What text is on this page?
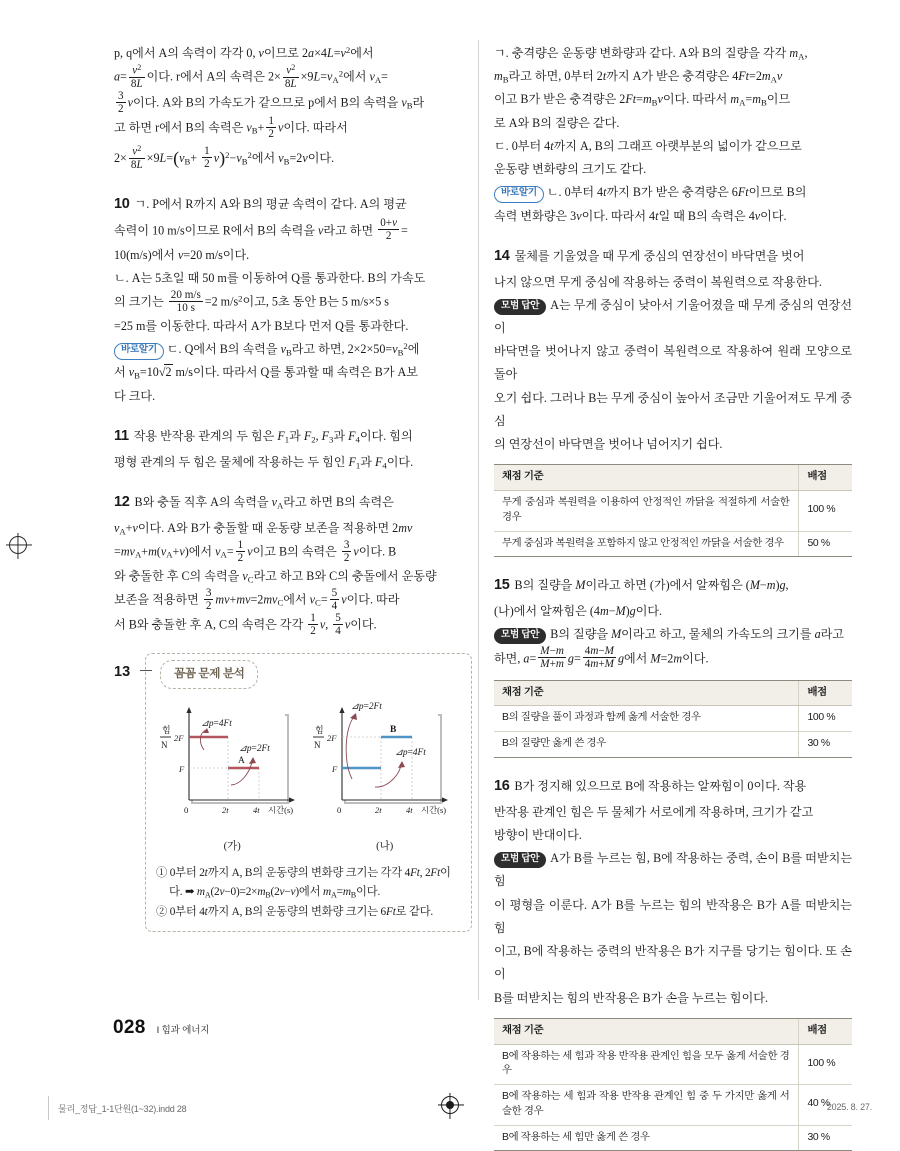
p, q에서 A의 속력이 각각 0, v이므로 $2a\times 4L=v^2$에서

$a= \frac{v^2}{8L}$ 이다. r에서 A의 속력은 $2\times \frac{v^2}{8L} \times 9L=v_A^2$에서 $v_A=$

$\frac{3}{2}$ v이다. A와 B의 가속도가 같으므로 p에서 B의 속력을 $v_B$라

고 하면 r에서 B의 속력은 $v_B+ \frac{1}{2}$ v이다. 따라서

$2\times \frac{v^2}{8L} \times 9L=(v_B+ \frac{1}{2} v)^2-v_B^2$에서 $v_B=2v$이다.

10 ㄱ. P에서 R까지 A와 B의 평균 속력이 같다. A의 평균

속력이 10 m/s이므로 R에서 B의 속력을 v라고 하면 $\frac{0+v}{2}$ =

10(m/s)에서 v=20 m/s이다.

ㄴ. A는 5초일 때 50 m를 이동하여 Q를 통과한다. B의 가속도

의 크기는 $\frac{20 m/s}{10 s} =2$ $m/s^2$이고, 5초 동안 B는 5 m/s×5 s

=25 m를 이동한다. 따라서 A가 B보다 먼저 Q를 통과한다.

바로알기 ㄷ. Q에서 B의 속력을 $v_B$라고 하면, $2\times 2\times 50=v_B^2$에

서 $v_B=10√2$ m/s이다. 따라서 Q를 통과할 때 속력은 B가 A보

다 크다.

11 작용 반작용 관계의 두 힘은 $F_1$과 $F_2$, $F_3$과 $F_4$이다. 힘의

평형 관계의 두 힘은 물체에 작용하는 두 힘인 $F_1$과 $F_4$이다.

12 B와 충돌 직후 A의 속력을 $v_A$라고 하면 B의 속력은

$v_A+v$이다. A와 B가 충돌할 때 운동량 보존을 적용하면 2mv

$=mv_A+m(v_A+v)$에서 $v_A= \frac{1}{2}$ v이고 B의 속력은 $\frac{3}{2}$ v이다. B

와 충돌한 후 C의 속력을 $v_C$라고 하고 B와 C의 충돌에서 운동량

보존을 적용하면 $\frac{3}{2} mv+mv=2mv_C$에서 $v_C= \frac{5}{4}$ v이다. 따라

서 B와 충돌한 후 A, C의 속력은 각각 $\frac{1}{2} v$, $\frac{5}{4}$ v이다.

13	꼼꼼 문제 분석
힘
N
2F
F
A
⊿p=4Ft
⊿p=2Ft
0	2t	4t 시간(s)
(가)
힘
N
2F
F
B
⊿p=2Ft
⊿p=4Ft
0	2t	4t 시간(s)
(나)
① 0부터 2t까지 A, B의 운동량의 변화량 크기는 각각 4Ft, 2Ft이
다. ➡ $m_A(2v-0)=2\times m_B(2v-v)$에서 $m_A=m_B$이다.
② 0부터 4t까지 A, B의 운동량의 변화량 크기는 6Ft로 같다.

ㄱ. 충격량은 운동량 변화량과 같다. A와 B의 질량을 각각 $m_A$,

$m_B$라고 하면, 0부터 2t까지 A가 받은 충격량은 $4Ft=2m_Av$

이고 B가 받은 충격량은 $2Ft=m_Bv$이다. 따라서 $m_A=m_B$이므

로 A와 B의 질량은 같다.

ㄷ. 0부터 4t까지 A, B의 그래프 아랫부분의 넓이가 같으므로

운동량 변화량의 크기도 같다.

바로알기 ㄴ. 0부터 4t까지 B가 받은 충격량은 6Ft이므로 B의

속력 변화량은 3v이다. 따라서 4t일 때 B의 속력은 4v이다.

14 물체를 기울였을 때 무게 중심의 연장선이 바닥면을 벗어

나지 않으면 무게 중심에 작용하는 중력이 복원력으로 작용한다.

모범 답안 A는 무게 중심이 낮아서 기울어졌을 때 무게 중심의 연장선이

바닥면을 벗어나지 않고 중력이 복원력으로 작용하여 원래 모양으로 돌아

오기 쉽다. 그러나 B는 무게 중심이 높아서 조금만 기울어져도 무게 중심

의 연장선이 바닥면을 벗어나 넘어지기 쉽다.

채점 기준	배점
무게 중심과 복원력을 이용하여 안정적인 까닭을 적절하게 서술한 경우	100 %
무게 중심과 복원력을 포함하지 않고 안정적인 까닭을 서술한 경우	50 %

15 B의 질량을 M이라고 하면 (가)에서 알짜힘은 (M−m)g,

(나)에서 알짜힘은 (4m−M)g이다.

모범 답안 B의 질량을 M이라고 하고, 물체의 가속도의 크기를 a라고

하면, $a= \frac{M-m}{M+m} g= \frac{4m-M}{4m+M}$ g에서 M=2m이다.

채점 기준	배점
B의 질량을 풀이 과정과 함께 옳게 서술한 경우	100 %
B의 질량만 옳게 쓴 경우	30 %

16 B가 정지해 있으므로 B에 작용하는 알짜힘이 0이다. 작용

반작용 관계인 힘은 두 물체가 서로에게 작용하며, 크기가 같고

방향이 반대이다.

모범 답안 A가 B를 누르는 힘, B에 작용하는 중력, 손이 B를 떠받치는 힘

이 평형을 이룬다. A가 B를 누르는 힘의 반작용은 B가 A를 떠받치는 힘

이고, B에 작용하는 중력의 반작용은 B가 지구를 당기는 힘이다. 또 손이

B를 떠받치는 힘의 반작용은 B가 손을 누르는 힘이다.

채점 기준	배점
B에 작용하는 세 힘과 작용 반작용 관계인 힘을 모두 옳게 서술한 경우	100 %
B에 작용하는 세 힘과 작용 반작용 관계인 힘 중 두 가지만 옳게 서술한 경우	40 %
B에 작용하는 세 힘만 옳게 쓴 경우	30 %
028 I 힘과 에너지
물리_정답_1-1단원(1~32).indd 28	2025. 8. 27.
